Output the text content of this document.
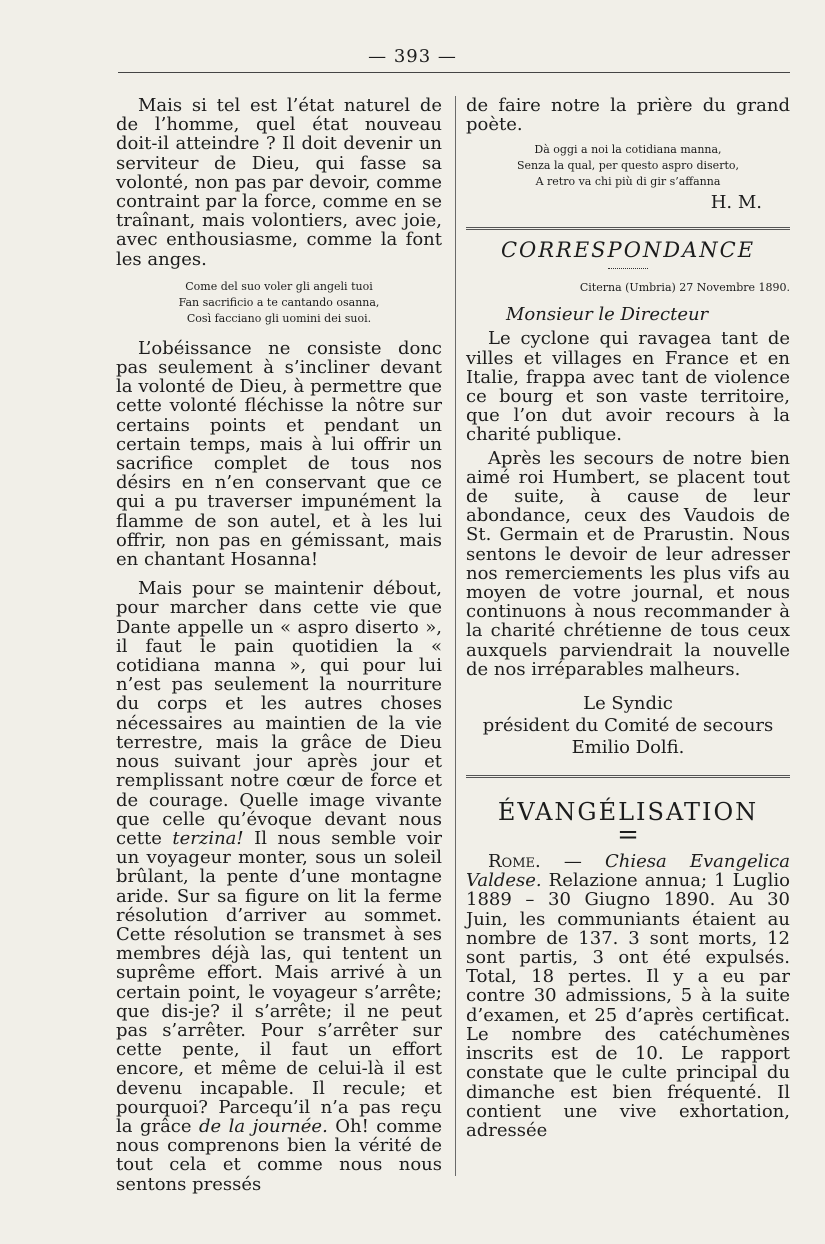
— 393 —

Mais si tel est l’état naturel de de l’homme, quel état nouveau doit-il atteindre ? Il doit devenir un serviteur de Dieu, qui fasse sa volonté, non pas par devoir, comme contraint par la force, comme en se traînant, mais volontiers, avec joie, avec enthousiasme, comme la font les anges.

Come del suo voler gli angeli tuoi
Fan sacrificio a te cantando osanna,
Così facciano gli uomini dei suoi.

L’obéissance ne consiste donc pas seulement à s’incliner devant la volonté de Dieu, à permettre que cette volonté fléchisse la nôtre sur certains points et pendant un certain temps, mais à lui offrir un sacrifice complet de tous nos désirs en n’en conservant que ce qui a pu traverser impunément la flamme de son autel, et à les lui offrir, non pas en gémissant, mais en chantant Hosanna!

Mais pour se maintenir débout, pour marcher dans cette vie que Dante appelle un « aspro diserto », il faut le pain quotidien la « cotidiana manna », qui pour lui n’est pas seulement la nourriture du corps et les autres choses nécessaires au maintien de la vie terrestre, mais la grâce de Dieu nous suivant jour après jour et remplissant notre cœur de force et de courage. Quelle image vivante que celle qu’évoque devant nous cette terzina! Il nous semble voir un voyageur monter, sous un soleil brûlant, la pente d’une montagne aride. Sur sa figure on lit la ferme résolution d’arriver au sommet. Cette résolution se transmet à ses membres déjà las, qui tentent un suprême effort. Mais arrivé à un certain point, le voyageur s’arrête; que dis-je? il s’arrête; il ne peut pas s’arrêter. Pour s’arrêter sur cette pente, il faut un effort encore, et même de celui-là il est devenu incapable. Il recule; et pourquoi? Parcequ’il n’a pas reçu la grâce de la journée. Oh! comme nous comprenons bien la vérité de tout cela et comme nous nous sentons pressés

de faire notre la prière du grand poète.

Dà oggi a noi la cotidiana manna,
Senza la qual, per questo aspro diserto,
A retro va chi più di gir s’affanna
H. M.
CORRESPONDANCE
Citerna (Umbria) 27 Novembre 1890.
Monsieur le Directeur

Le cyclone qui ravagea tant de villes et villages en France et en Italie, frappa avec tant de violence ce bourg et son vaste territoire, que l’on dut avoir recours à la charité publique.

Après les secours de notre bien aimé roi Humbert, se placent tout de suite, à cause de leur abondance, ceux des Vaudois de St. Germain et de Prarustin. Nous sentons le devoir de leur adresser nos remerciements les plus vifs au moyen de votre journal, et nous continuons à nous recommander à la charité chrétienne de tous ceux auxquels parviendrait la nouvelle de nos irréparables malheurs.

Le Syndic
président du Comité de secours
Emilio Dolfi.
ÉVANGÉLISATION
=

Rome. — Chiesa Evangelica Valdese. Relazione annua; 1 Luglio 1889 – 30 Giugno 1890. Au 30 Juin, les communiants étaient au nombre de 137. 3 sont morts, 12 sont partis, 3 ont été expulsés. Total, 18 pertes. Il y a eu par contre 30 admissions, 5 à la suite d’examen, et 25 d’après certificat. Le nombre des catéchumènes inscrits est de 10. Le rapport constate que le culte principal du dimanche est bien fréquenté. Il contient une vive exhortation, adressée
